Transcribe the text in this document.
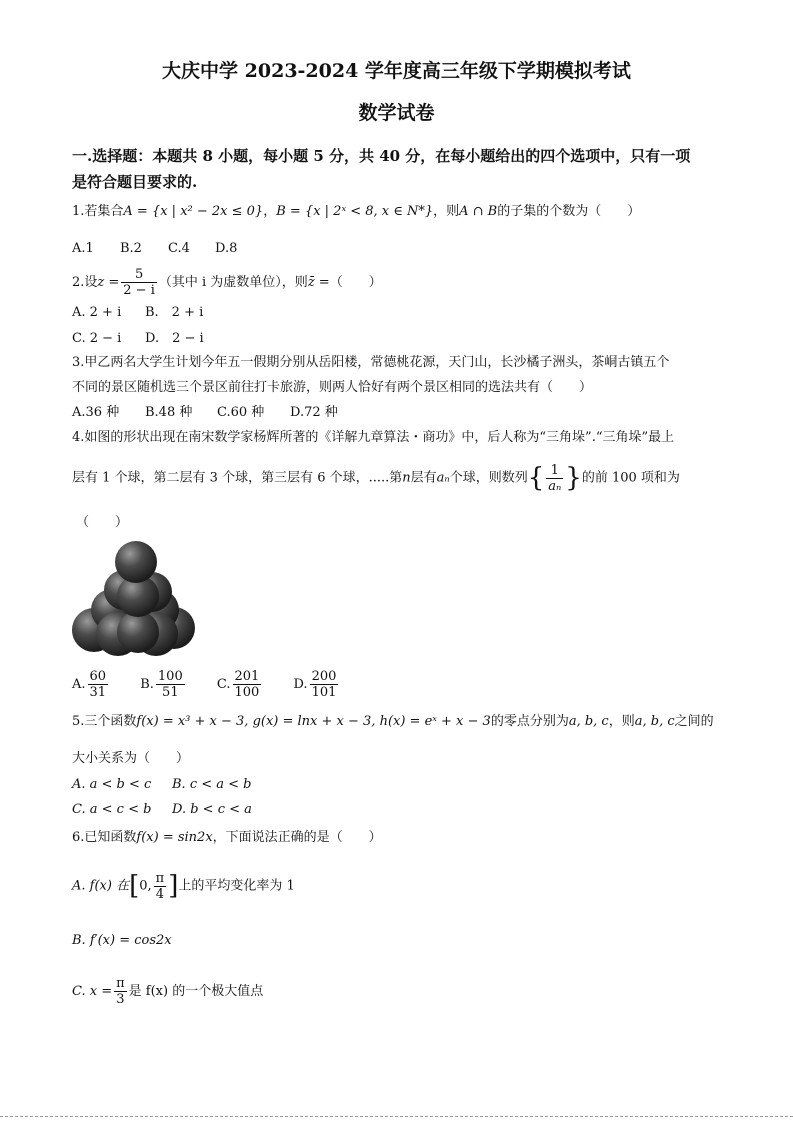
大庆中学 2023-2024 学年度高三年级下学期模拟考试
数学试卷
一.选择题：本题共 8 小题，每小题 5 分，共 40 分，在每小题给出的四个选项中，只有一项
是符合题目要求的.
1.若集合A = {x | x² − 2x ≤ 0}，B = {x | 2ˣ < 8, x ∈ N*}，则A ∩ B的子集的个数为（　　）
A.1 B.2 C.4 D.8
2.设$z = \frac{5}{2 - i}$ （其中 i 为虚数单位），则z̄ =（　　）
A. 2 + i B.　2 + i
C. 2 − i D.　2 − i
3.甲乙两名大学生计划今年五一假期分别从岳阳楼，常德桃花源，天门山，长沙橘子洲头，茶峒古镇五个
不同的景区随机选三个景区前往打卡旅游，则两人恰好有两个景区相同的选法共有（　　）
A.36 种 B.48 种 C.60 种 D.72 种
4.如图的形状出现在南宋数学家杨辉所著的《详解九章算法・商功》中，后人称为“三角垛”.“三角垛”最上
层有 1 个球，第二层有 3 个球，第三层有 6 个球，.....第n层有aₙ个球，则数列{ $\frac{1}{\text{aₙ}}$ }的前 100 项和为
（　　）
A. $\frac{60}{31} B$. $\frac{100}{51} C$. $\frac{201}{100} D$. $\frac{200}{101}$
5.三个函数f(x) = x³ + x − 3, g(x) = lnx + x − 3, h(x) = eˣ + x − 3的零点分别为a, b, c，则a, b, c之间的
大小关系为（　　）
A. a < b < c B. c < a < b
C. a < c < b D. b < c < a
6.已知函数f(x) = sin2x，下面说法正确的是（　　）
A. f(x) 在[0, $\frac{\pi}{4}$ ]上的平均变化率为 1
B. f′(x) = cos2x
C. $x = \frac{\pi}{3}$ 是 f(x) 的一个极大值点
